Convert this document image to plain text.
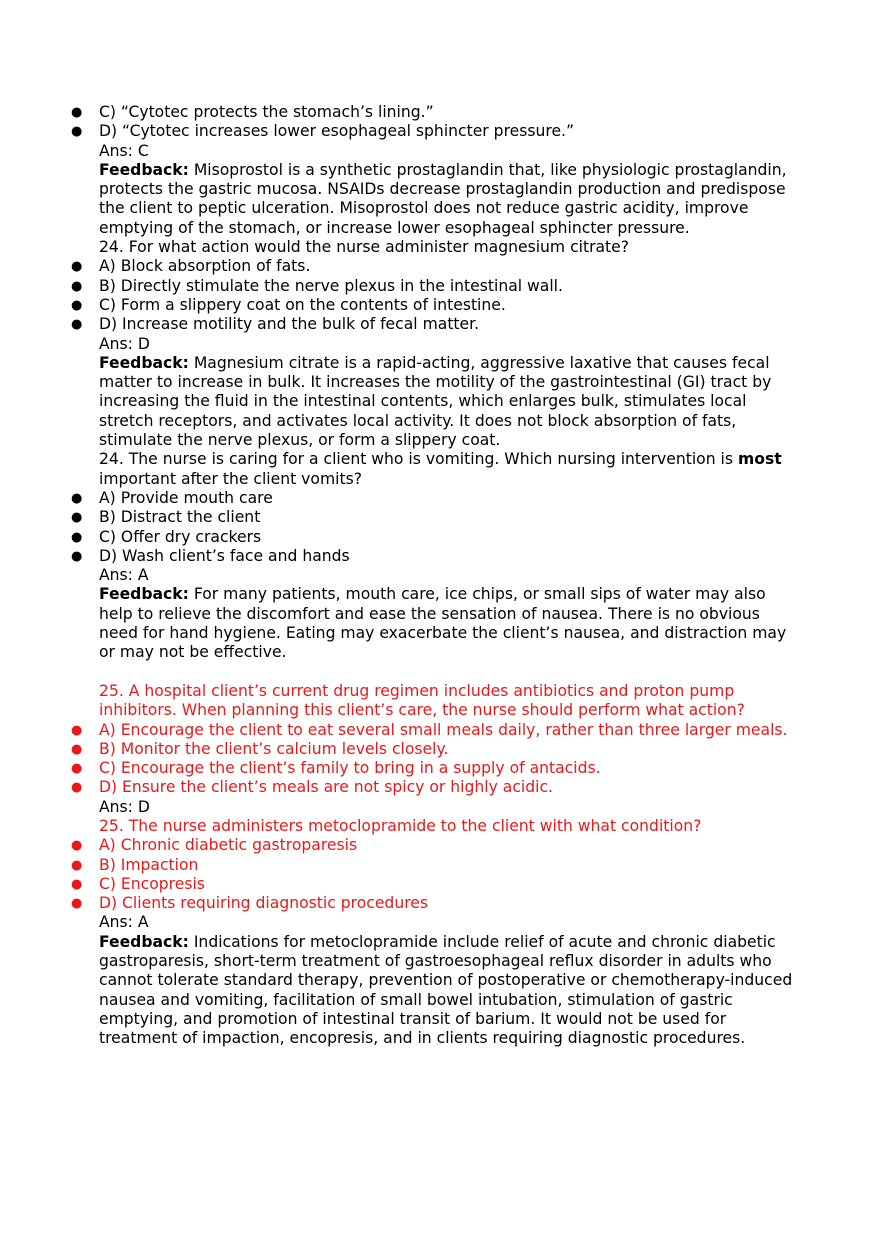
● C) “Cytotec protects the stomach’s lining.”
● D) “Cytotec increases lower esophageal sphincter pressure.”
Ans: C
Feedback: Misoprostol is a synthetic prostaglandin that, like physiologic prostaglandin, protects the gastric mucosa. NSAIDs decrease prostaglandin production and predispose the client to peptic ulceration. Misoprostol does not reduce gastric acidity, improve emptying of the stomach, or increase lower esophageal sphincter pressure.
24. For what action would the nurse administer magnesium citrate?
● A) Block absorption of fats.
● B) Directly stimulate the nerve plexus in the intestinal wall.
● C) Form a slippery coat on the contents of intestine.
● D) Increase motility and the bulk of fecal matter.
Ans: D
Feedback: Magnesium citrate is a rapid-acting, aggressive laxative that causes fecal matter to increase in bulk. It increases the motility of the gastrointestinal (GI) tract by increasing the fluid in the intestinal contents, which enlarges bulk, stimulates local stretch receptors, and activates local activity. It does not block absorption of fats, stimulate the nerve plexus, or form a slippery coat.
24. The nurse is caring for a client who is vomiting. Which nursing intervention is most important after the client vomits?
● A) Provide mouth care
● B) Distract the client
● C) Offer dry crackers
● D) Wash client’s face and hands
Ans: A
Feedback: For many patients, mouth care, ice chips, or small sips of water may also help to relieve the discomfort and ease the sensation of nausea. There is no obvious need for hand hygiene. Eating may exacerbate the client’s nausea, and distraction may or may not be effective.
25. A hospital client’s current drug regimen includes antibiotics and proton pump inhibitors. When planning this client’s care, the nurse should perform what action?
● A) Encourage the client to eat several small meals daily, rather than three larger meals.
● B) Monitor the client’s calcium levels closely.
● C) Encourage the client’s family to bring in a supply of antacids.
● D) Ensure the client’s meals are not spicy or highly acidic.
Ans: D
25. The nurse administers metoclopramide to the client with what condition?
● A) Chronic diabetic gastroparesis
● B) Impaction
● C) Encopresis
● D) Clients requiring diagnostic procedures
Ans: A
Feedback: Indications for metoclopramide include relief of acute and chronic diabetic gastroparesis, short-term treatment of gastroesophageal reflux disorder in adults who cannot tolerate standard therapy, prevention of postoperative or chemotherapy-induced nausea and vomiting, facilitation of small bowel intubation, stimulation of gastric emptying, and promotion of intestinal transit of barium. It would not be used for treatment of impaction, encopresis, and in clients requiring diagnostic procedures.
